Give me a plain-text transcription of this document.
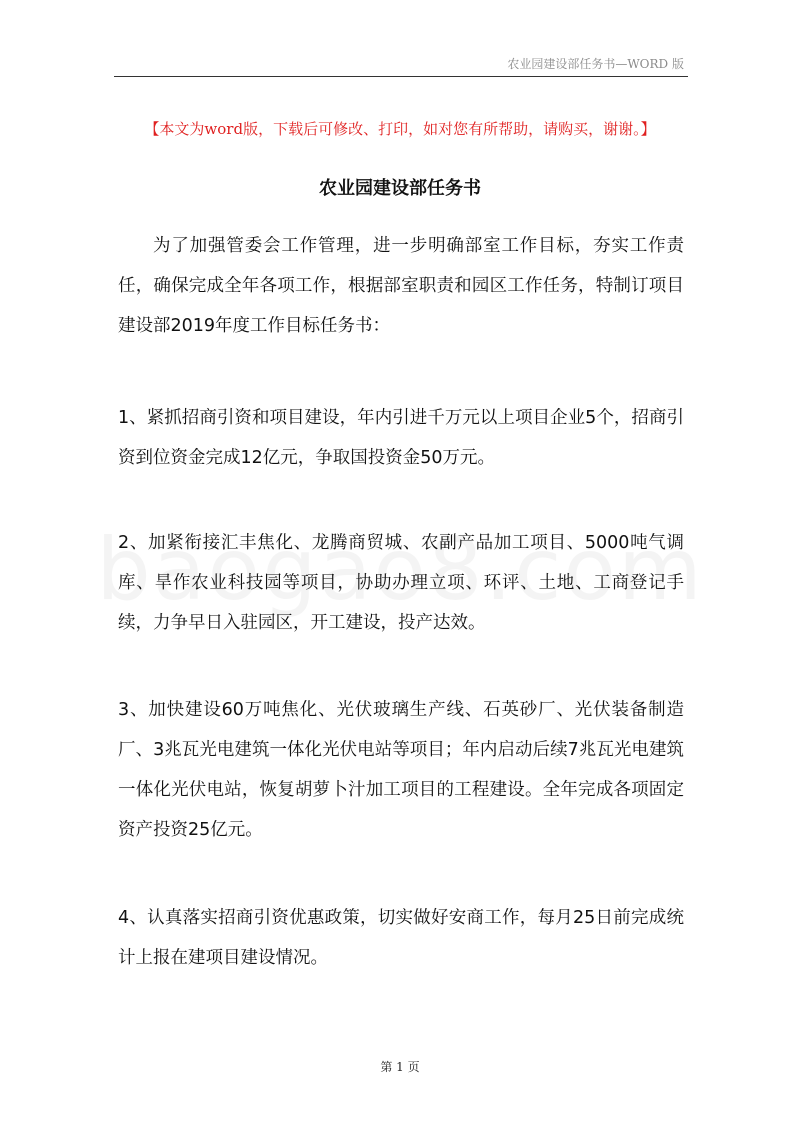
农业园建设部任务书—WORD 版
【本文为word版，下载后可修改、打印，如对您有所帮助，请购买，谢谢。】
农业园建设部任务书
为了加强管委会工作管理，进一步明确部室工作目标，夯实工作责任，确保完成全年各项工作，根据部室职责和园区工作任务，特制订项目建设部2019年度工作目标任务书：
1、紧抓招商引资和项目建设，年内引进千万元以上项目企业5个，招商引资到位资金完成12亿元，争取国投资金50万元。
2、加紧衔接汇丰焦化、龙腾商贸城、农副产品加工项目、5000吨气调库、旱作农业科技园等项目，协助办理立项、环评、土地、工商登记手续，力争早日入驻园区，开工建设，投产达效。
3、加快建设60万吨焦化、光伏玻璃生产线、石英砂厂、光伏装备制造厂、3兆瓦光电建筑一体化光伏电站等项目；年内启动后续7兆瓦光电建筑一体化光伏电站，恢复胡萝卜汁加工项目的工程建设。全年完成各项固定资产投资25亿元。
4、认真落实招商引资优惠政策，切实做好安商工作，每月25日前完成统计上报在建项目建设情况。
第 1 页
